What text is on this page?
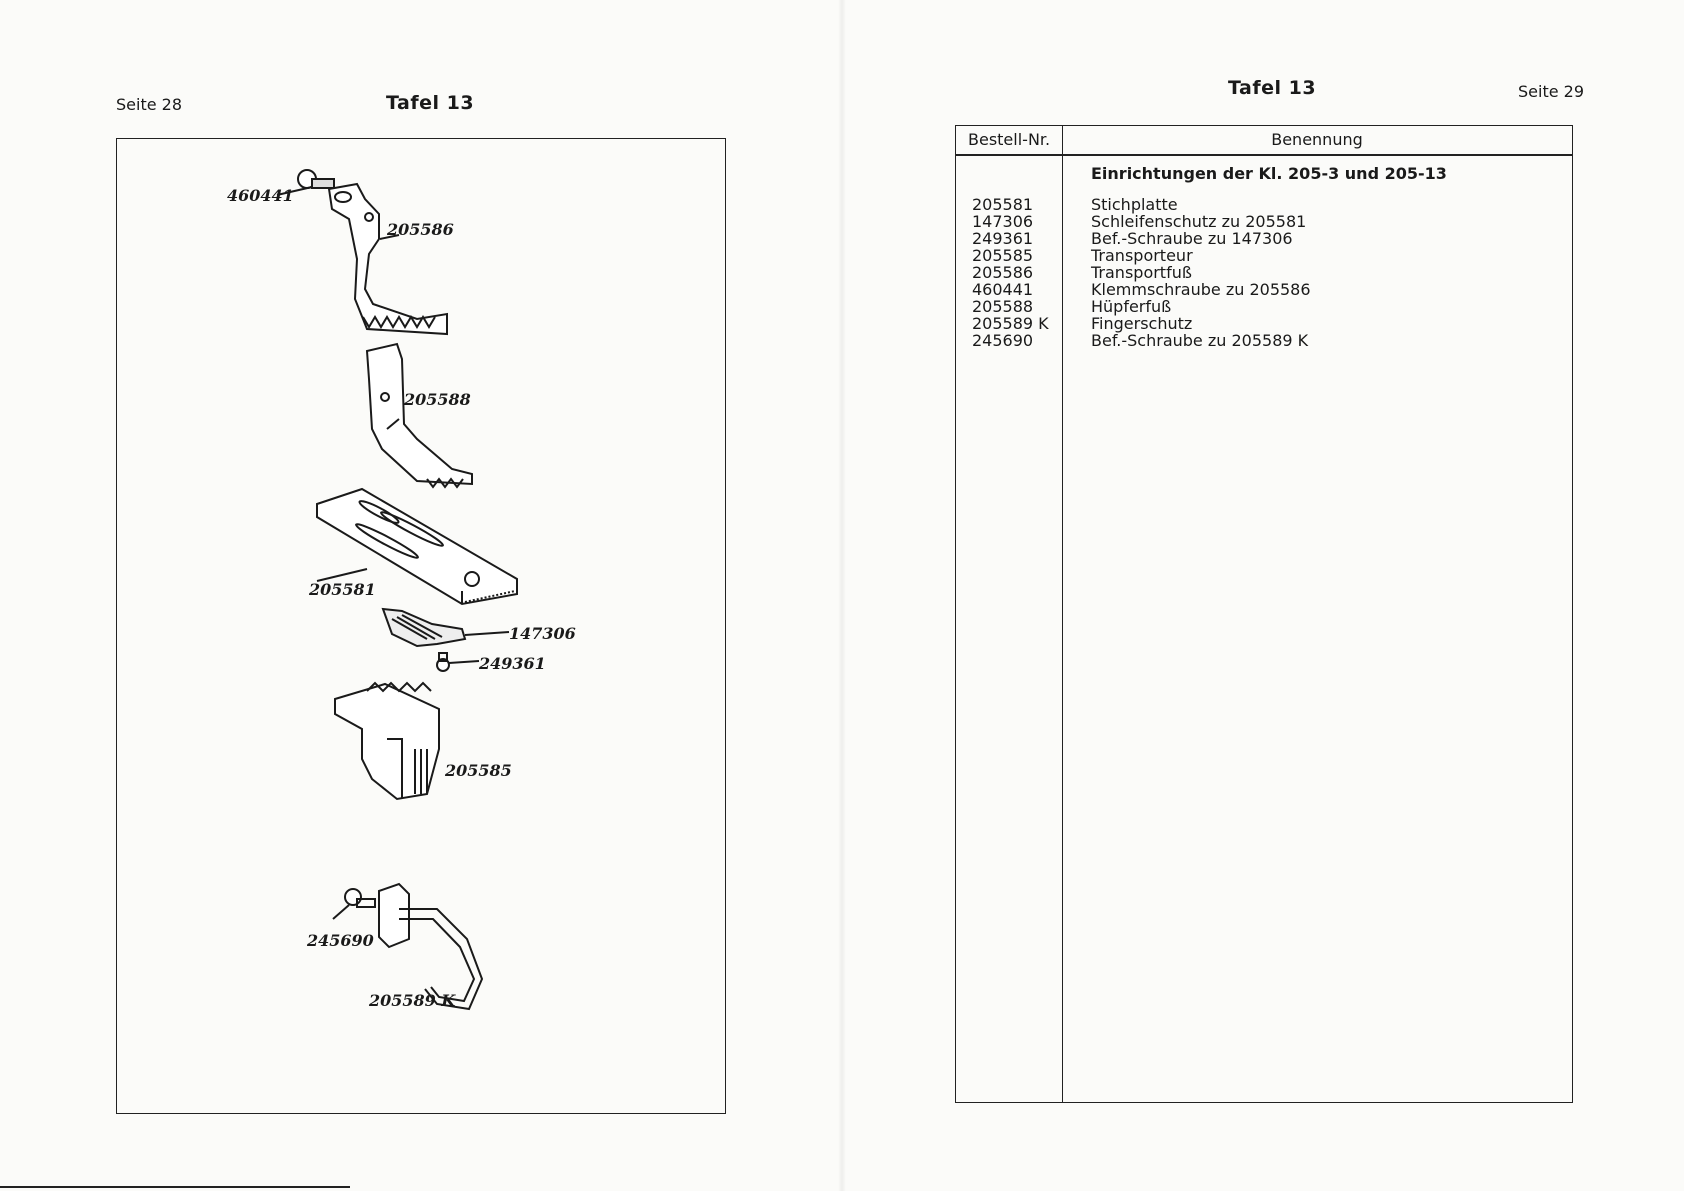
Seite 28	Tafel 13
460441
205586
205588
205581
147306
249361
205585
245690
205589 K
Tafel 13	Seite 29
Bestell-Nr.	Benennung
Einrichtungen der Kl. 205-3 und 205-13
205581	Stichplatte
147306	Schleifenschutz zu 205581
249361	Bef.-Schraube zu 147306
205585	Transporteur
205586	Transportfuß
460441	Klemmschraube zu 205586
205588	Hüpferfuß
205589 K	Fingerschutz
245690	Bef.-Schraube zu 205589 K
